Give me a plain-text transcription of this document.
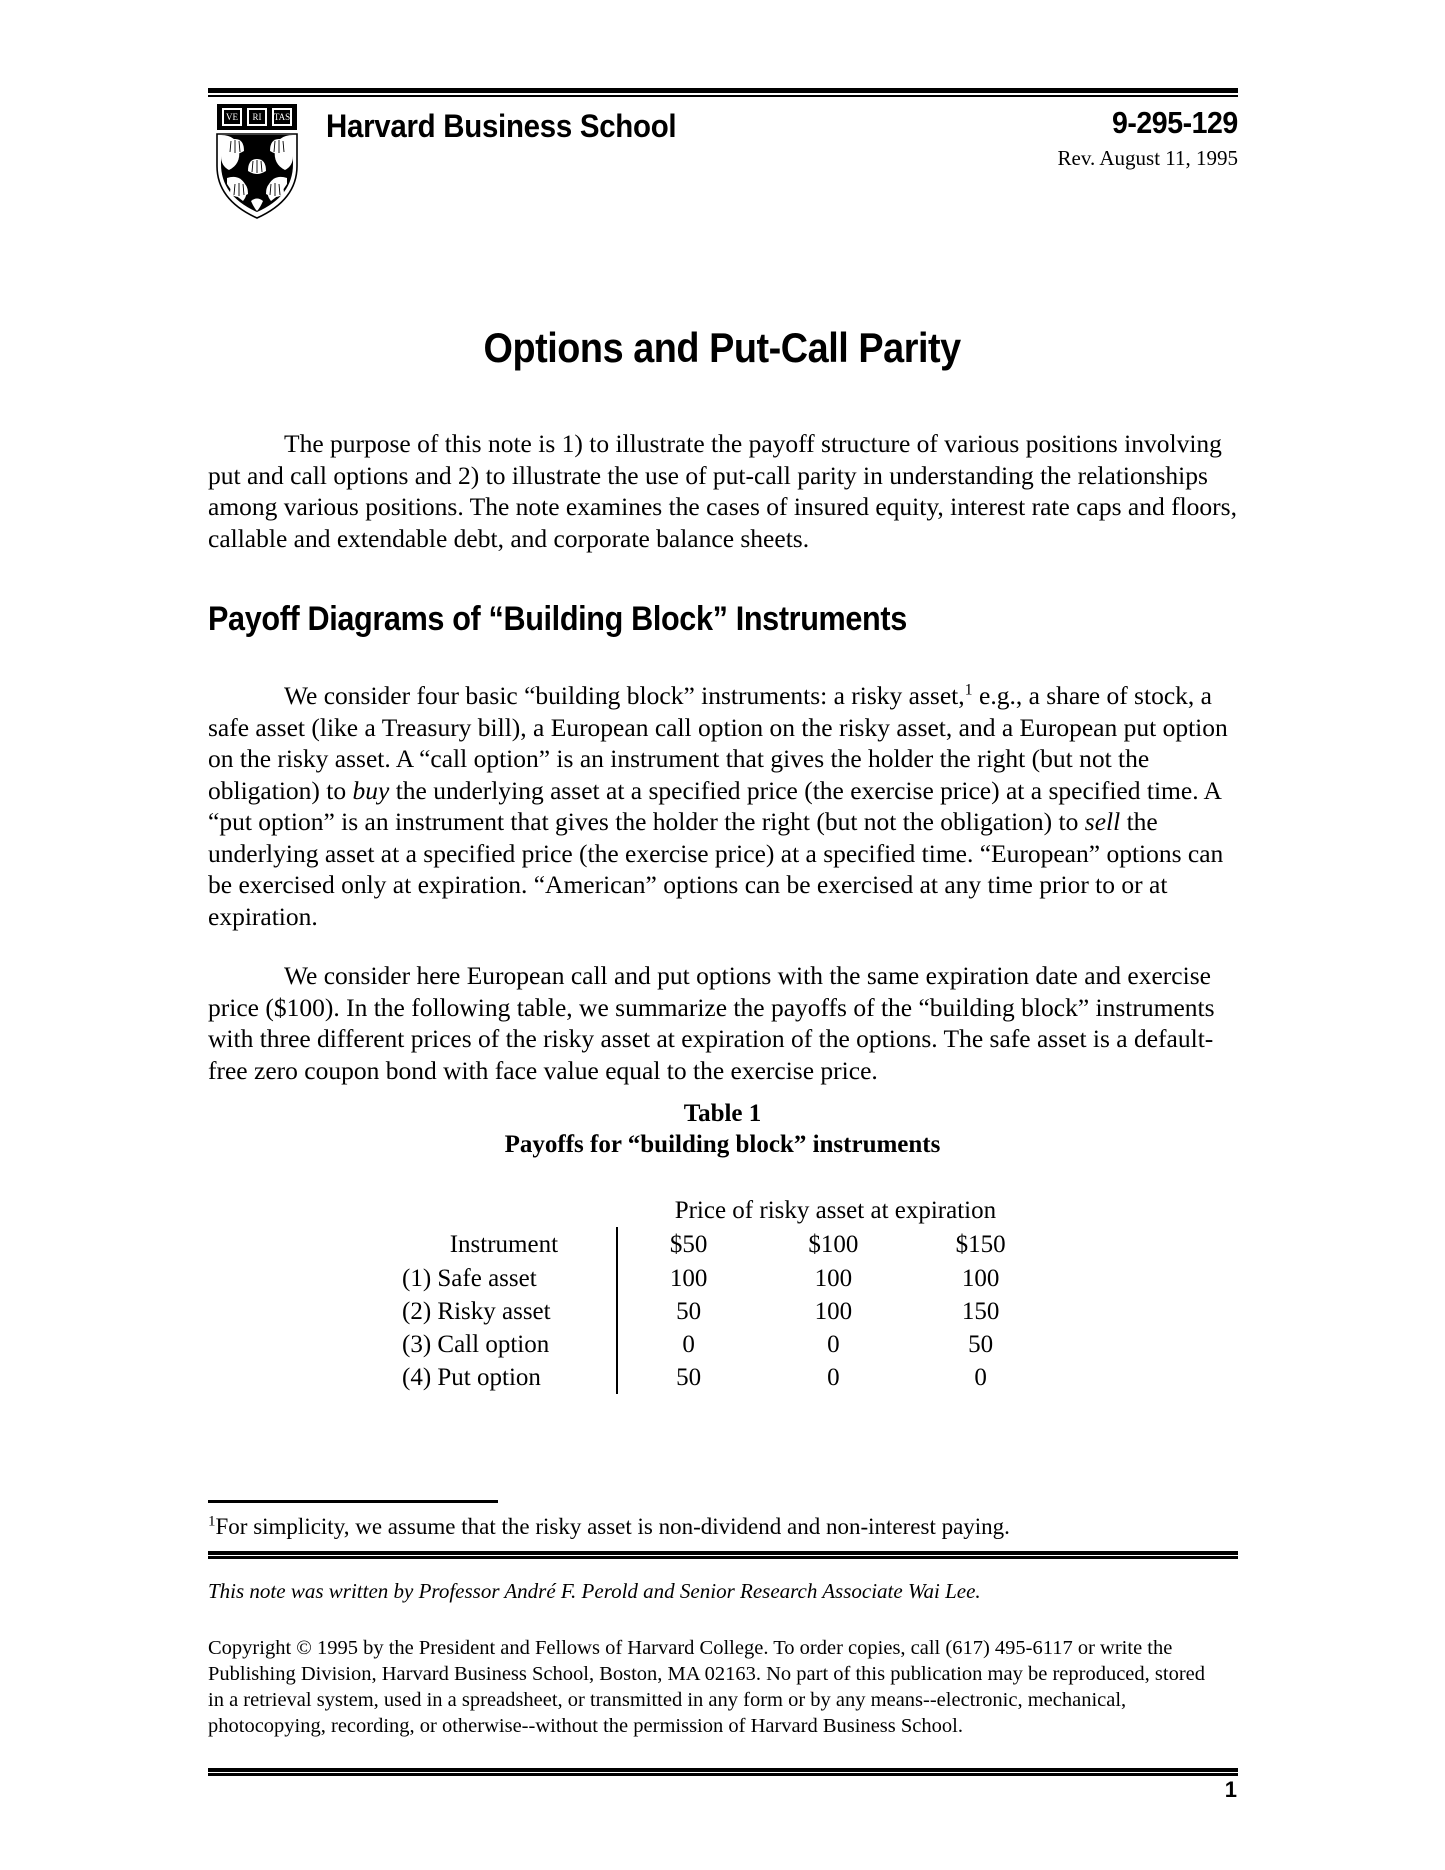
VE RI TAS Harvard Business School	9-295-129
Rev. August 11, 1995
Options and Put-Call Parity

The purpose of this note is 1) to illustrate the payoff structure of various positions involving put and call options and 2) to illustrate the use of put-call parity in understanding the relationships among various positions. The note examines the cases of insured equity, interest rate caps and floors, callable and extendable debt, and corporate balance sheets.

Payoff Diagrams of “Building Block” Instruments

We consider four basic “building block” instruments: a risky asset,$^1$ e.g., a share of stock, a safe asset (like a Treasury bill), a European call option on the risky asset, and a European put option on the risky asset. A “call option” is an instrument that gives the holder the right (but not the obligation) to buy the underlying asset at a specified price (the exercise price) at a specified time. A “put option” is an instrument that gives the holder the right (but not the obligation) to sell the underlying asset at a specified price (the exercise price) at a specified time. “European” options can be exercised only at expiration. “American” options can be exercised at any time prior to or at expiration.

We consider here European call and put options with the same expiration date and exercise price ($100). In the following table, we summarize the payoffs of the “building block” instruments with three different prices of the risky asset at expiration of the options. The safe asset is a default-free zero coupon bond with face value equal to the exercise price.

Table 1
Payoffs for “building block” instruments
	Price of risky asset at expiration		
Instrument	$50	$100	$150
(1) Safe asset	100	100	100
(2) Risky asset	50	100	150
(3) Call option	0	0	50
(4) Put option	50	0	0
$^1$For simplicity, we assume that the risky asset is non-dividend and non-interest paying.
This note was written by Professor André F. Perold and Senior Research Associate Wai Lee.
Copyright © 1995 by the President and Fellows of Harvard College. To order copies, call (617) 495-6117 or write the Publishing Division, Harvard Business School, Boston, MA 02163. No part of this publication may be reproduced, stored in a retrieval system, used in a spreadsheet, or transmitted in any form or by any means--electronic, mechanical, photocopying, recording, or otherwise--without the permission of Harvard Business School.
1
